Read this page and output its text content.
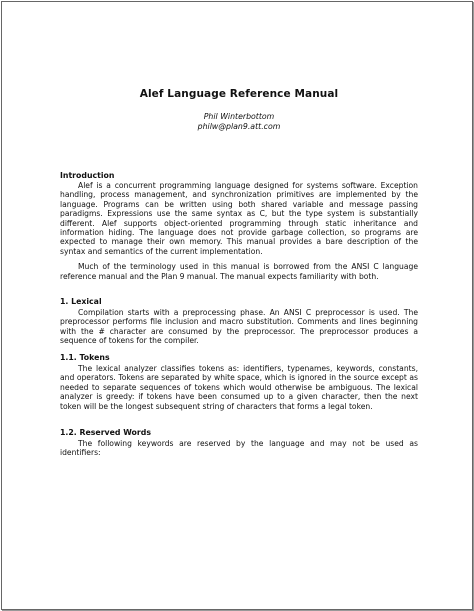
Alef Language Reference Manual
Phil Winterbottom
philw@plan9.att.com
Introduction

Alef is a concurrent programming language designed for systems software. Exception handling, process management, and synchronization primitives are implemented by the language. Programs can be written using both shared variable and message passing paradigms. Expressions use the same syntax as C, but the type system is substantially different. Alef supports object-oriented programming through static inheritance and information hiding. The language does not provide garbage collection, so programs are expected to manage their own memory. This manual provides a bare description of the syntax and semantics of the current implementation.

Much of the terminology used in this manual is borrowed from the ANSI C language reference manual and the Plan 9 manual. The manual expects familiarity with both.

1. Lexical

Compilation starts with a preprocessing phase. An ANSI C preprocessor is used. The preprocessor performs file inclusion and macro substitution. Comments and lines beginning with the # character are consumed by the preprocessor. The preprocessor produces a sequence of tokens for the compiler.

1.1. Tokens

The lexical analyzer classifies tokens as: identifiers, typenames, keywords, constants, and operators. Tokens are separated by white space, which is ignored in the source except as needed to separate sequences of tokens which would otherwise be ambiguous. The lexical analyzer is greedy: if tokens have been consumed up to a given character, then the next token will be the longest subsequent string of characters that forms a legal token.

1.2. Reserved Words

The following keywords are reserved by the language and may not be used as identifiers:
